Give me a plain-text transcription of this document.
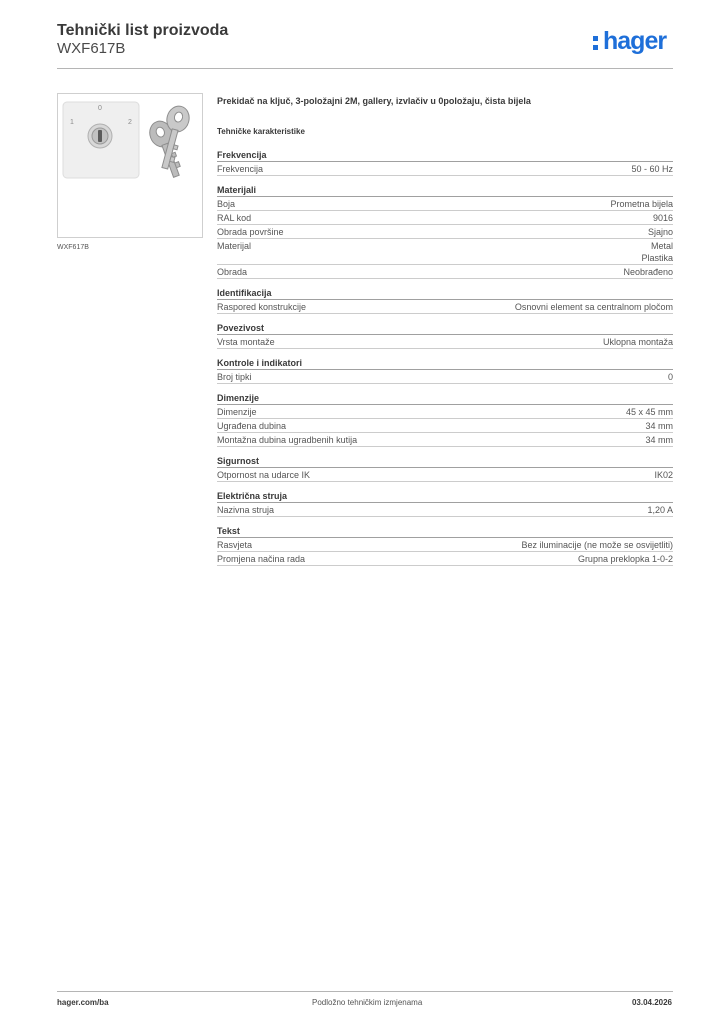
Tehnički list proizvoda
WXF617B	hager
0
1	2
WXF617B
Prekidač na ključ, 3-položajni 2M, gallery, izvlačiv u 0položaju, čista bijela
Tehničke karakteristike
Frekvencija
Frekvencija	50 - 60 Hz
Materijali
Boja	Prometna bijela
RAL kod	9016
Obrada površine	Sjajno
Materijal	Metal
Plastika
Obrada	Neobrađeno
Identifikacija
Raspored konstrukcije	Osnovni element sa centralnom pločom
Povezivost
Vrsta montaže	Uklopna montaža
Kontrole i indikatori
Broj tipki	0
Dimenzije
Dimenzije	45 x 45 mm
Ugrađena dubina	34 mm
Montažna dubina ugradbenih kutija	34 mm
Sigurnost
Otpornost na udarce IK	IK02
Električna struja
Nazivna struja	1,20 A
Tekst
Rasvjeta	Bez iluminacije (ne može se osvijetliti)
Promjena načina rada	Grupna preklopka 1-0-2
hager.com/ba	Podložno tehničkim izmjenama	03.04.2026
